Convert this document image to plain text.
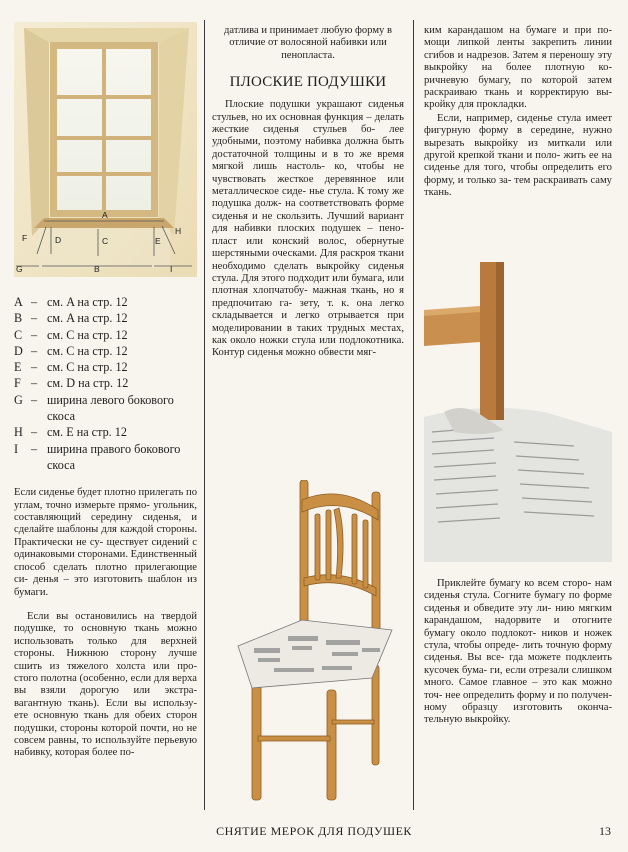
A
B
C
D	E
F
G
H
I
A – см. A на стр. 12
B – см. A на стр. 12
C – см. C на стр. 12
D – см. C на стр. 12
E – см. C на стр. 12
F – см. D на стр. 12
G – ширина левого бокового
скоса
H – см. E на стр. 12
I	– ширина правого бокового
скоса

Если сиденье будет плотно прилегать по углам, точно измерьте прямо- угольник, составляющий середину сиденья, и сделайте шаблоны для каждой стороны. Практически не су- ществует сидений с одинаковыми сторонами. Единственный способ сделать плотно прилегающие си- денья – это изготовить шаблон из бумаги.

Если вы остановились на твердой подушке, то основную ткань можно использовать только для верхней стороны. Нижнюю сторону лучше сшить из тяжелого холста или про- стого полотна (особенно, если для верха вы взяли дорогую или экстра- вагантную ткань). Если вы использу- ете основную ткань для обеих сторон подушки, стороны которой почти, но не совсем равны, то используйте перьевую набивку, которая более по-

датлива и принимает любую форму в отличие от волосяной набивки или пенопласта.

ПЛОСКИЕ ПОДУШКИ

Плоские подушки украшают сиденья стульев, но их основная функция – делать жесткие сиденья стульев бо- лее удобными, поэтому набивка должна быть достаточной толщины и в то же время мягкой лишь настоль- ко, чтобы не чувствовать жесткое деревянное или металлическое сиде- нье стула. К тому же подушка долж- на соответствовать форме сиденья и не скользить. Лучший вариант для набивки плоских подушек – пено- пласт или конский волос, обернутые шерстяными оческами. Для раскроя ткани необходимо сделать выкройку сиденья стула. Для этого подходит или бумага, или плотная хлопчатобу- мажная ткань, но я предпочитаю га- зету, т. к. она легко складывается и легко отрывается при моделировании в таких трудных местах, как около ножки стула или подлокотника. Контур сиденья можно обвести мяг-

ким карандашом на бумаге и при по- мощи липкой ленты закрепить линии сгибов и надрезов. Затем я переношу эту выкройку на более плотную ко- ричневую бумагу, по которой затем раскраиваю ткань и корректирую вы- кройку для прокладки.

Если, например, сиденье стула имеет фигурную форму в середине, нужно вырезать выкройку из миткали или другой крепкой ткани и поло- жить ее на сиденье для того, чтобы определить его форму, и только за- тем раскраивать саму ткань.

Приклейте бумагу ко всем сторо- нам сиденья стула. Согните бумагу по форме сиденья и обведите эту ли- нию мягким карандашом, надорвите и отогните бумагу около подлокот- ников и ножек стула, чтобы опреде- лить точную форму сиденья. Вы все- гда можете подклеить кусочек бума- ги, если отрезали слишком много. Самое главное – это как можно точ- нее определить форму и по получен- ному образцу изготовить оконча- тельную выкройку.

СНЯТИЕ МЕРОК ДЛЯ ПОДУШЕК	13
